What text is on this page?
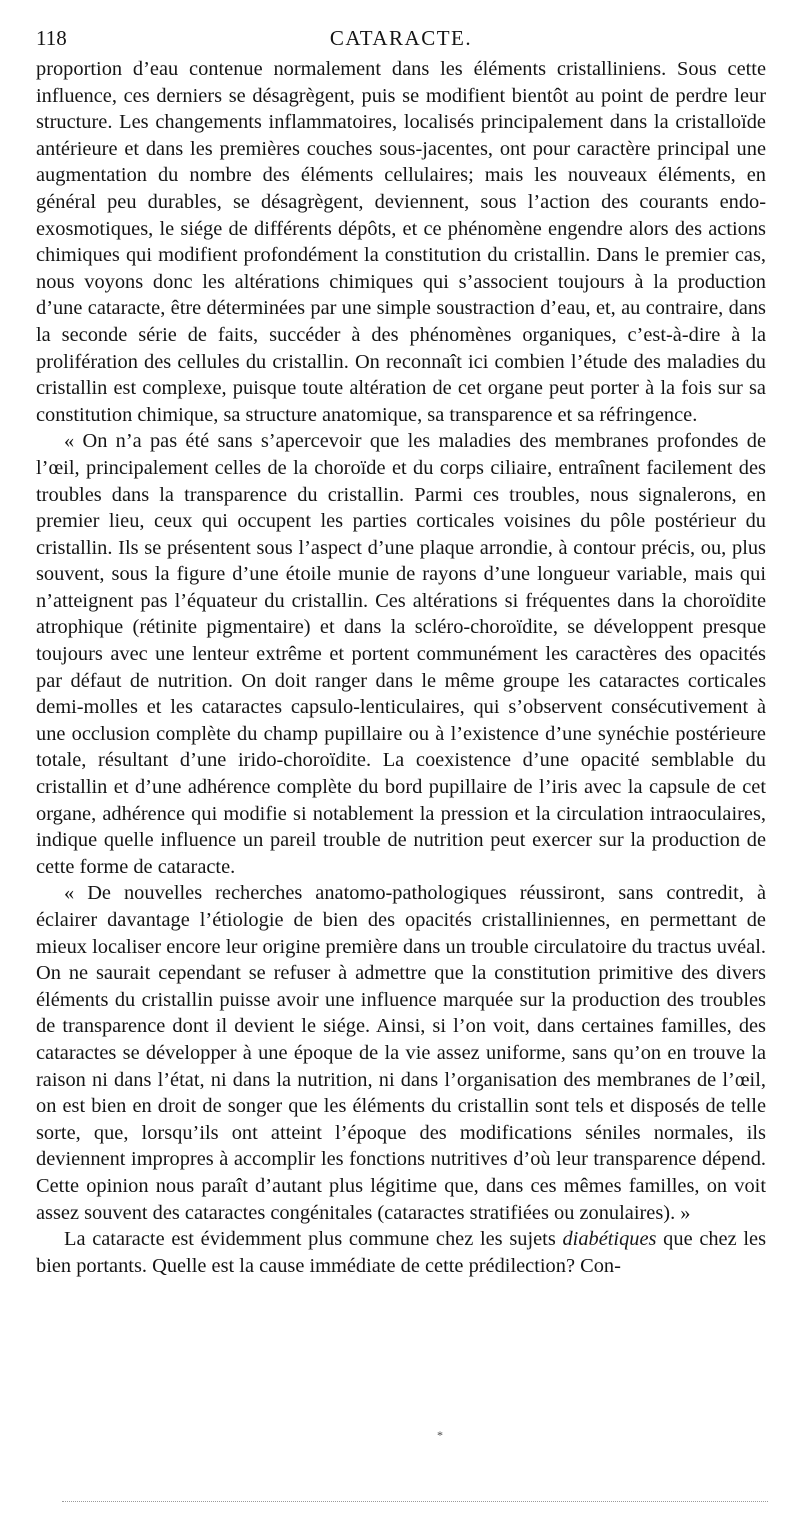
118	CATARACTE.

proportion d’eau contenue normalement dans les éléments cristalliniens. Sous cette influence, ces derniers se désagrègent, puis se modifient bientôt au point de perdre leur structure. Les changements inflammatoires, localisés principalement dans la cristalloïde antérieure et dans les premières couches sous-jacentes, ont pour caractère principal une augmentation du nombre des éléments cellulaires; mais les nouveaux éléments, en général peu durables, se désagrègent, deviennent, sous l’action des courants endo-exosmotiques, le siége de différents dépôts, et ce phénomène engendre alors des actions chimiques qui modifient profondément la constitution du cristallin. Dans le premier cas, nous voyons donc les altérations chimiques qui s’associent toujours à la production d’une cataracte, être déterminées par une simple soustraction d’eau, et, au contraire, dans la seconde série de faits, succéder à des phénomènes organiques, c’est-à-dire à la prolifération des cellules du cristallin. On reconnaît ici combien l’étude des maladies du cristallin est complexe, puisque toute altération de cet organe peut porter à la fois sur sa constitution chimique, sa structure anatomique, sa transparence et sa réfringence.

« On n’a pas été sans s’apercevoir que les maladies des membranes profondes de l’œil, principalement celles de la choroïde et du corps ciliaire, entraînent facilement des troubles dans la transparence du cristallin. Parmi ces troubles, nous signalerons, en premier lieu, ceux qui occupent les parties corticales voisines du pôle postérieur du cristallin. Ils se présentent sous l’aspect d’une plaque arrondie, à contour précis, ou, plus souvent, sous la figure d’une étoile munie de rayons d’une longueur variable, mais qui n’atteignent pas l’équateur du cristallin. Ces altérations si fréquentes dans la choroïdite atrophique (rétinite pigmentaire) et dans la scléro-choroïdite, se développent presque toujours avec une lenteur extrême et portent communément les caractères des opacités par défaut de nutrition. On doit ranger dans le même groupe les cataractes corticales demi-molles et les cataractes capsulo-lenticulaires, qui s’observent consécutivement à une occlusion complète du champ pupillaire ou à l’existence d’une synéchie postérieure totale, résultant d’une irido-choroïdite. La coexistence d’une opacité semblable du cristallin et d’une adhérence complète du bord pupillaire de l’iris avec la capsule de cet organe, adhérence qui modifie si notablement la pression et la circulation intraoculaires, indique quelle influence un pareil trouble de nutrition peut exercer sur la production de cette forme de cataracte.

« De nouvelles recherches anatomo-pathologiques réussiront, sans contredit, à éclairer davantage l’étiologie de bien des opacités cristalliniennes, en permettant de mieux localiser encore leur origine première dans un trouble circulatoire du tractus uvéal. On ne saurait cependant se refuser à admettre que la constitution primitive des divers éléments du cristallin puisse avoir une influence marquée sur la production des troubles de transparence dont il devient le siége. Ainsi, si l’on voit, dans certaines familles, des cataractes se développer à une époque de la vie assez uniforme, sans qu’on en trouve la raison ni dans l’état, ni dans la nutrition, ni dans l’organisation des membranes de l’œil, on est bien en droit de songer que les éléments du cristallin sont tels et disposés de telle sorte, que, lorsqu’ils ont atteint l’époque des modifications séniles normales, ils deviennent impropres à accomplir les fonctions nutritives d’où leur transparence dépend. Cette opinion nous paraît d’autant plus légitime que, dans ces mêmes familles, on voit assez souvent des cataractes congénitales (cataractes stratifiées ou zonulaires). »

La cataracte est évidemment plus commune chez les sujets diabétiques que chez les bien portants. Quelle est la cause immédiate de cette prédilection? Con-

*
